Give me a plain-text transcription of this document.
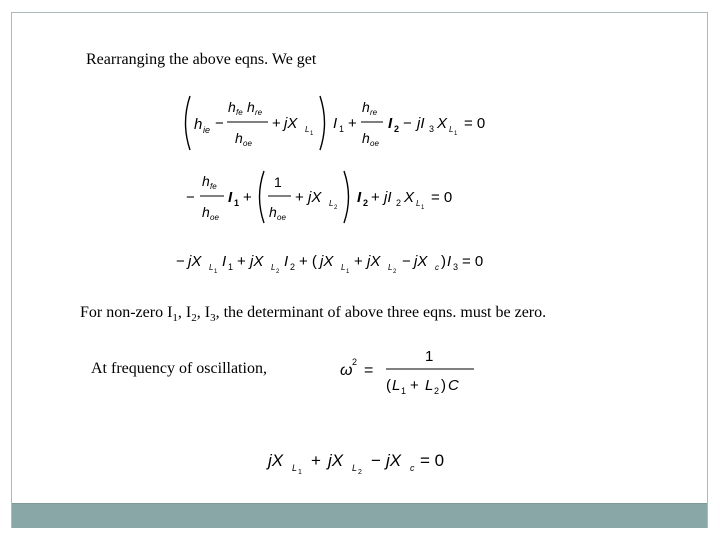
Rearranging the above eqns. We get
h ie −
h fe h re
h oe
+ jX L 1
I 1 +
h re
h oe
I 2 − jI 3 X L 1
= 0
−
h fe
h oe
I 1 +
1
h oe
+ jX L 2
I 2 + jI 2 X L 1
= 0
− jX L 1
I 1 + jX L 2
I 2 + ( jX L 1
+ jX L 2
− jX c ) I 3 = 0
For non-zero $I_1$, $I_2$, $I_3$, the determinant of above three eqns. must be zero.
At frequency of oscillation,	ω 2 =
1
( L 1 + L 2 ) C
jX L 1
+ jX L 2
− jX c = 0
